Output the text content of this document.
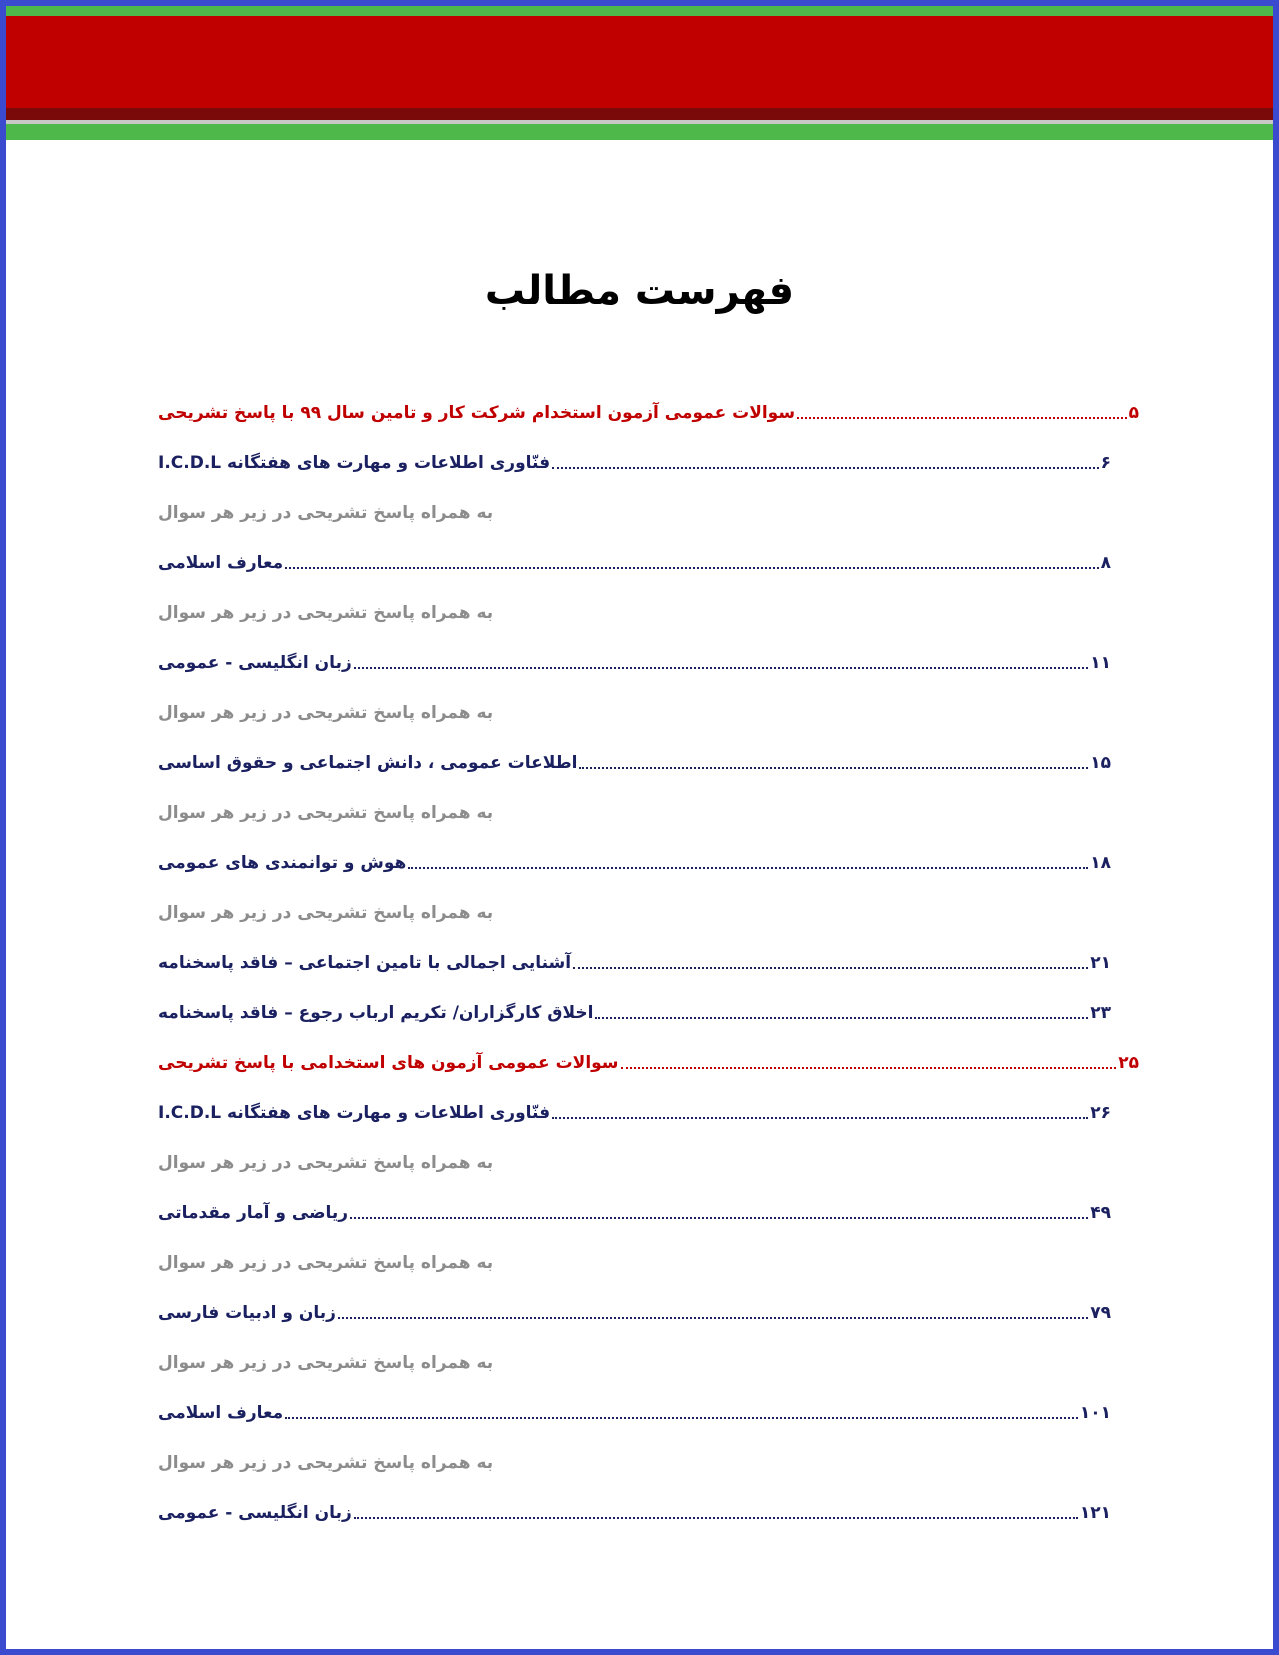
فهرست مطالب
سوالات عمومی آزمون استخدام شرکت کار و تامین سال ۹۹ با پاسخ تشریحی	۵
فنّاوری اطلاعات و مهارت های هفتگانه I.C.D.L	۶
به همراه پاسخ تشریحی در زیر هر سوال
معارف اسلامی	۸
به همراه پاسخ تشریحی در زیر هر سوال
زبان انگلیسی - عمومی	۱۱
به همراه پاسخ تشریحی در زیر هر سوال
اطلاعات عمومی ، دانش اجتماعی و حقوق اساسی	۱۵
به همراه پاسخ تشریحی در زیر هر سوال
هوش و توانمندی های عمومی	۱۸
به همراه پاسخ تشریحی در زیر هر سوال
آشنایی اجمالی با تامین اجتماعی – فاقد پاسخنامه	۲۱
اخلاق کارگزاران/ تکریم ارباب رجوع – فاقد پاسخنامه	۲۳
سوالات عمومی آزمون های استخدامی با پاسخ تشریحی	۲۵
فنّاوری اطلاعات و مهارت های هفتگانه I.C.D.L	۲۶
به همراه پاسخ تشریحی در زیر هر سوال
ریاضی و آمار مقدماتی	۴۹
به همراه پاسخ تشریحی در زیر هر سوال
زبان و ادبیات فارسی	۷۹
به همراه پاسخ تشریحی در زیر هر سوال
معارف اسلامی	۱۰۱
به همراه پاسخ تشریحی در زیر هر سوال
زبان انگلیسی - عمومی	۱۲۱
